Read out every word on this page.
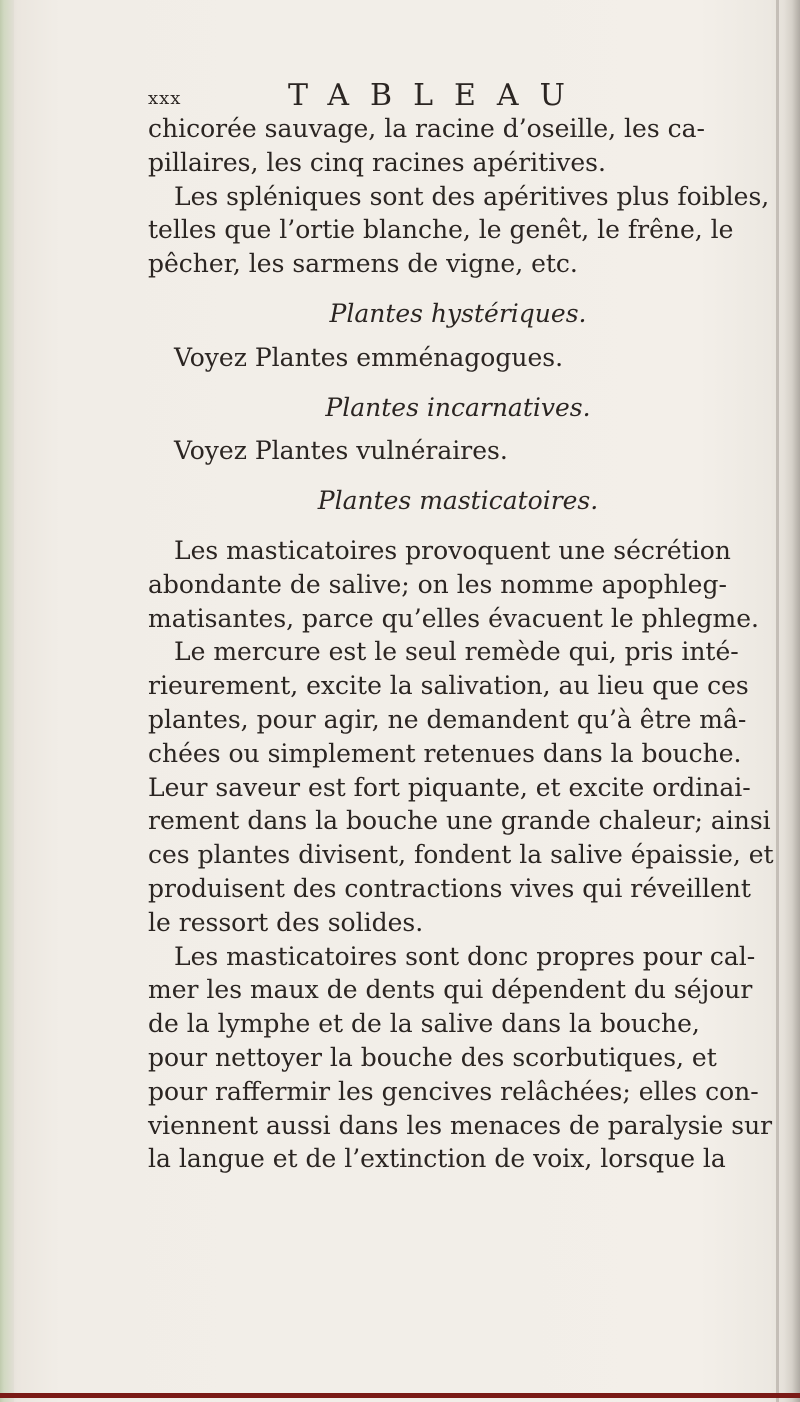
xxx	TABLEAU
chicorée sauvage, la racine d’oseille, les ca-
pillaires, les cinq racines apéritives.
Les spléniques sont des apéritives plus foibles,
telles que l’ortie blanche, le genêt, le frêne, le
pêcher, les sarmens de vigne, etc.
Plantes hystériques.
Voyez Plantes emménagogues.
Plantes incarnatives.
Voyez Plantes vulnéraires.
Plantes masticatoires.
Les masticatoires provoquent une sécrétion
abondante de salive; on les nomme apophleg-
matisantes, parce qu’elles évacuent le phlegme.
Le mercure est le seul remède qui, pris inté-
rieurement, excite la salivation, au lieu que ces
plantes, pour agir, ne demandent qu’à être mâ-
chées ou simplement retenues dans la bouche.
Leur saveur est fort piquante, et excite ordinai-
rement dans la bouche une grande chaleur; ainsi
ces plantes divisent, fondent la salive épaissie, et
produisent des contractions vives qui réveillent
le ressort des solides.
Les masticatoires sont donc propres pour cal-
mer les maux de dents qui dépendent du séjour
de la lymphe et de la salive dans la bouche,
pour nettoyer la bouche des scorbutiques, et
pour raffermir les gencives relâchées; elles con-
viennent aussi dans les menaces de paralysie sur
la langue et de l’extinction de voix, lorsque la
